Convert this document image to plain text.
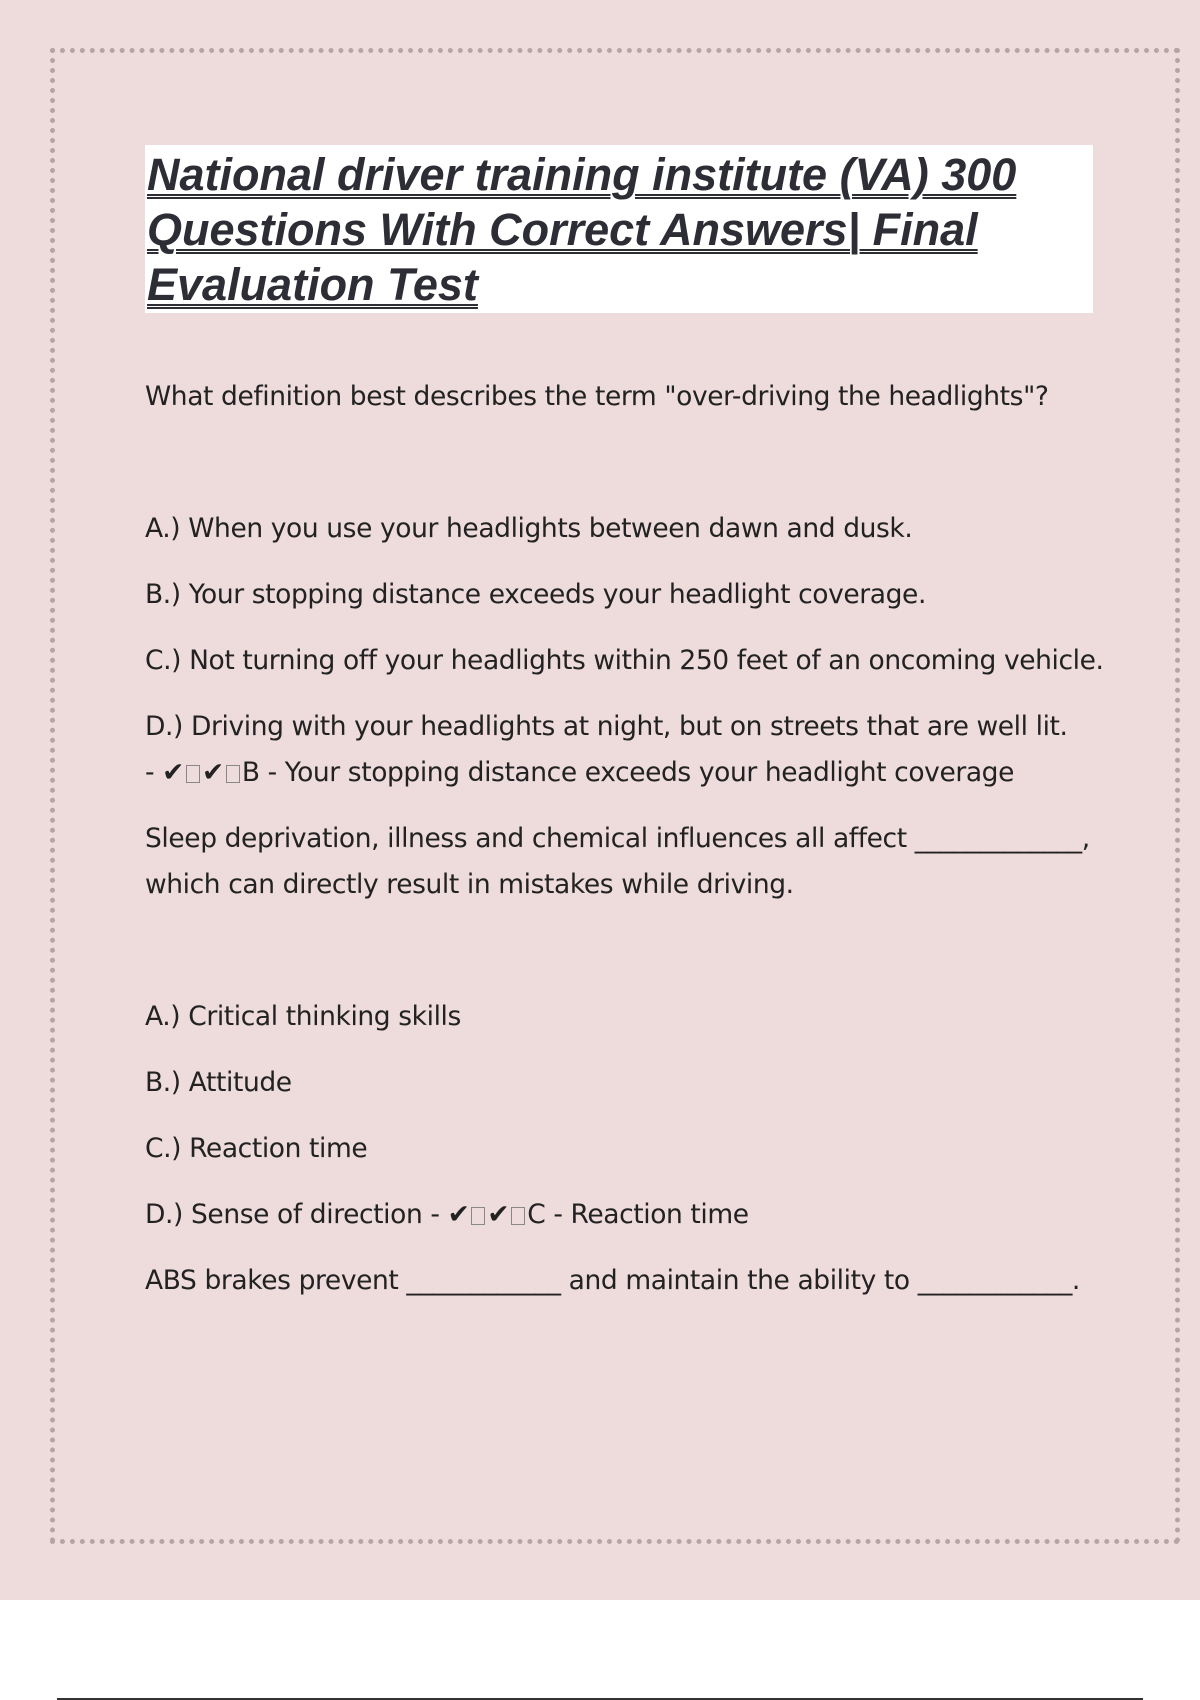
National driver training institute (VA) 300 Questions With Correct Answers| Final Evaluation Test

What definition best describes the term "over-driving the headlights"?

A.) When you use your headlights between dawn and dusk.

B.) Your stopping distance exceeds your headlight coverage.

C.) Not turning off your headlights within 250 feet of an oncoming vehicle.

D.) Driving with your headlights at night, but on streets that are well lit.

- ✔ ✔ B - Your stopping distance exceeds your headlight coverage

Sleep deprivation, illness and chemical influences all affect _____________, which can directly result in mistakes while driving.

A.) Critical thinking skills

B.) Attitude

C.) Reaction time

D.) Sense of direction - ✔ ✔ C - Reaction time

ABS brakes prevent ____________ and maintain the ability to ____________.
